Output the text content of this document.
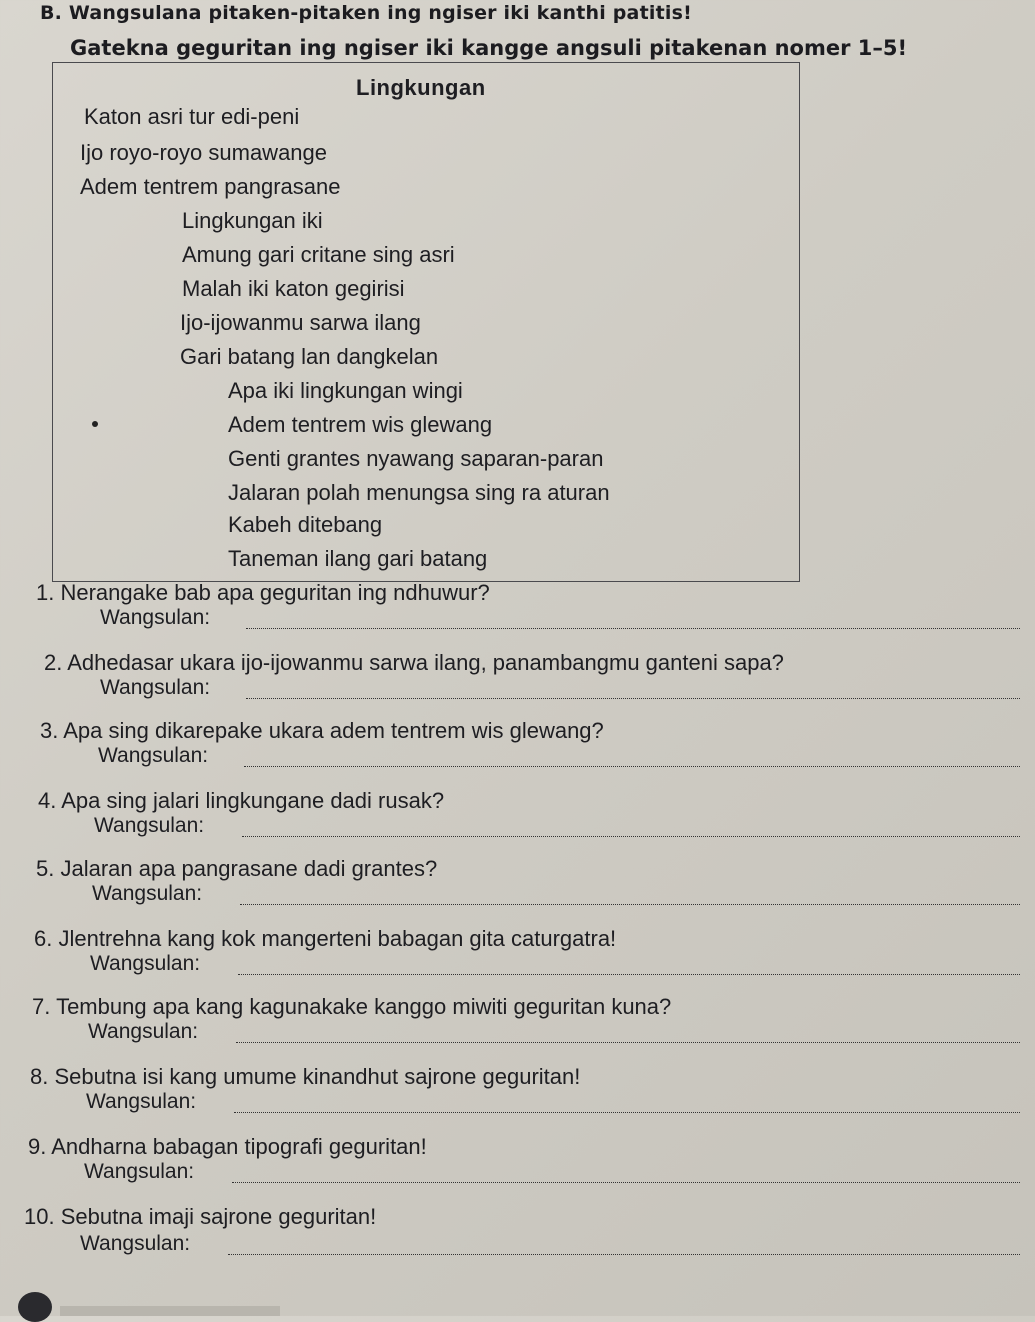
B. Wangsulana pitaken-pitaken ing ngiser iki kanthi patitis!
Gatekna geguritan ing ngiser iki kangge angsuli pitakenan nomer 1–5!
Lingkungan
Katon asri tur edi-peni
Ijo royo-royo sumawange
Adem tentrem pangrasane
Lingkungan iki
Amung gari critane sing asri
Malah iki katon gegirisi
Ijo-ijowanmu sarwa ilang
Gari batang lan dangkelan
Apa iki lingkungan wingi
Adem tentrem wis glewang
Genti grantes nyawang saparan-paran
Jalaran polah menungsa sing ra aturan
Kabeh ditebang
Taneman ilang gari batang
1. Nerangake bab apa geguritan ing ndhuwur?
Wangsulan:
2. Adhedasar ukara ijo-ijowanmu sarwa ilang, panambangmu ganteni sapa?
Wangsulan:
3. Apa sing dikarepake ukara adem tentrem wis glewang?
Wangsulan:
4. Apa sing jalari lingkungane dadi rusak?
Wangsulan:
5. Jalaran apa pangrasane dadi grantes?
Wangsulan:
6. Jlentrehna kang kok mangerteni babagan gita caturgatra!
Wangsulan:
7. Tembung apa kang kagunakake kanggo miwiti geguritan kuna?
Wangsulan:
8. Sebutna isi kang umume kinandhut sajrone geguritan!
Wangsulan:
9. Andharna babagan tipografi geguritan!
Wangsulan:
10. Sebutna imaji sajrone geguritan!
Wangsulan:
